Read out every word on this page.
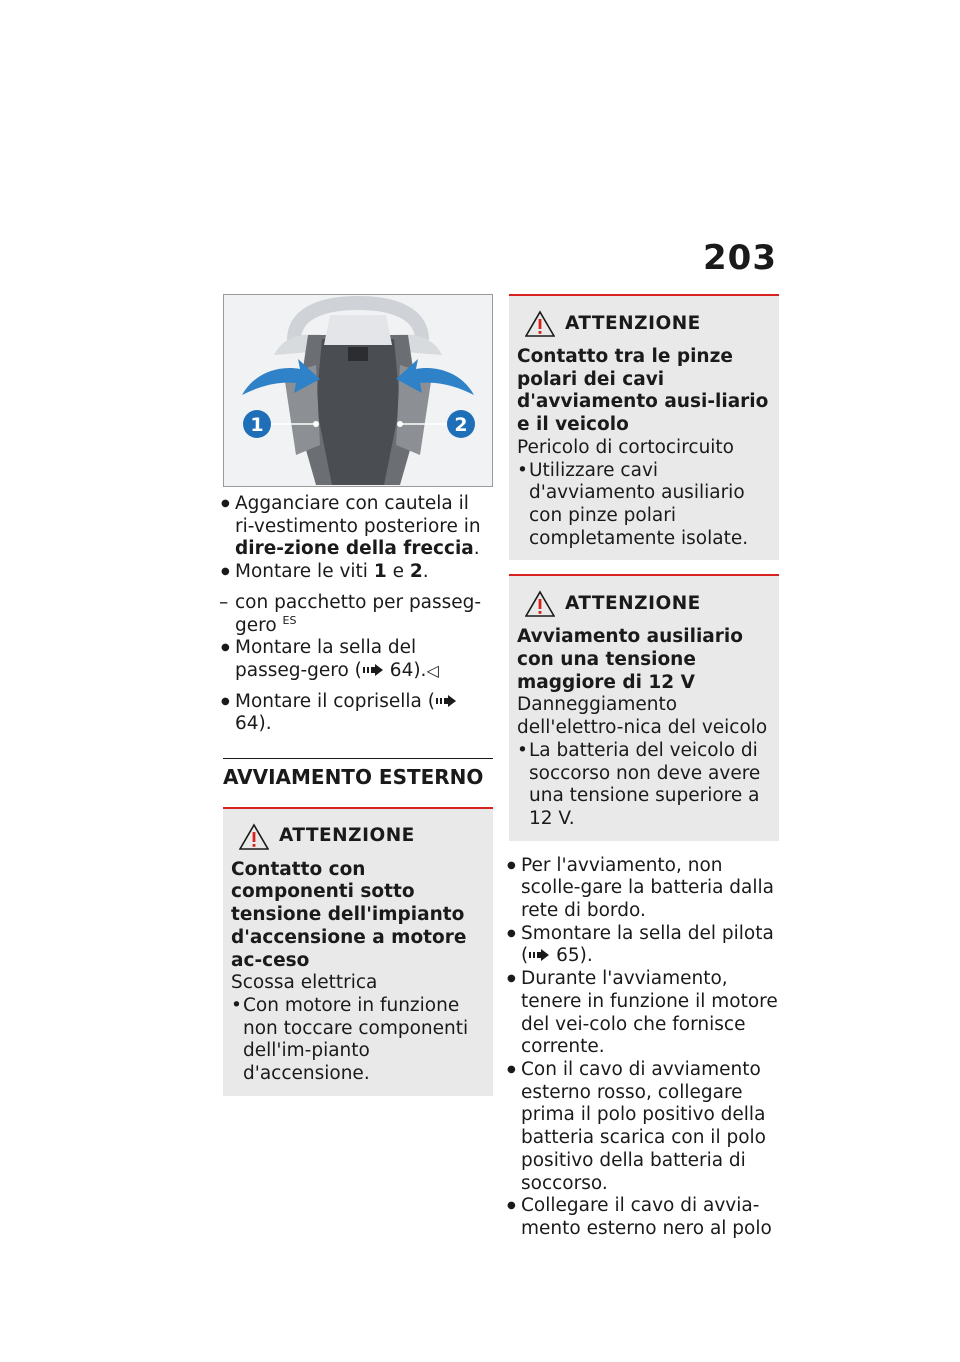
203
1	2

● Agganciare con cautela il ri-vestimento posteriore in dire-zione della freccia.

● Montare le viti 1 e 2.

– con pacchetto per passeg-gero $^{ES}$

● Montare la sella del passeg-gero ( 64).◁

● Montare il coprisella ( 64).

AVVIAMENTO ESTERNO
ATTENZIONE

Contatto con componenti sotto tensione dell'impianto d'accensione a motore ac-ceso

Scossa elettrica

• Con motore in funzione non toccare componenti dell'im-pianto d'accensione.

ATTENZIONE

Contatto tra le pinze polari dei cavi d'avviamento ausi-liario e il veicolo

Pericolo di cortocircuito

• Utilizzare cavi d'avviamento ausiliario con pinze polari completamente isolate.

ATTENZIONE

Avviamento ausiliario con una tensione maggiore di 12 V

Danneggiamento dell'elettro-nica del veicolo

• La batteria del veicolo di soccorso non deve avere una tensione superiore a 12 V.

● Per l'avviamento, non scolle-gare la batteria dalla rete di bordo.

● Smontare la sella del pilota ( 65).

● Durante l'avviamento, tenere in funzione il motore del vei-colo che fornisce corrente.

● Con il cavo di avviamento esterno rosso, collegare prima il polo positivo della batteria scarica con il polo positivo della batteria di soccorso.

● Collegare il cavo di avvia-mento esterno nero al polo
